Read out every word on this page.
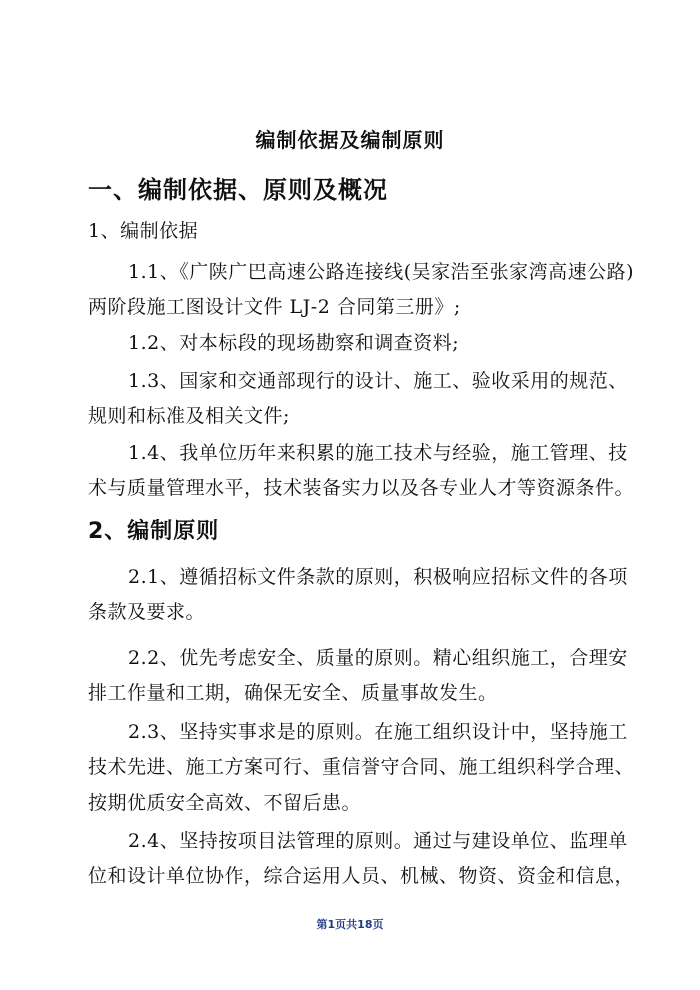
编制依据及编制原则
一、编制依据、原则及概况
1、编制依据
1.1、《广陕广巴高速公路连接线(吴家浩至张家湾高速公路)
两阶段施工图设计文件 LJ-2 合同第三册》;
1.2、对本标段的现场勘察和调查资料;
1.3、国家和交通部现行的设计、施工、验收采用的规范、
规则和标准及相关文件;
1.4、我单位历年来积累的施工技术与经验，施工管理、技
术与质量管理水平，技术装备实力以及各专业人才等资源条件。
2、编制原则
2.1、遵循招标文件条款的原则，积极响应招标文件的各项
条款及要求。
2.2、优先考虑安全、质量的原则。精心组织施工，合理安
排工作量和工期，确保无安全、质量事故发生。
2.3、坚持实事求是的原则。在施工组织设计中，坚持施工
技术先进、施工方案可行、重信誉守合同、施工组织科学合理、
按期优质安全高效、不留后患。
2.4、坚持按项目法管理的原则。通过与建设单位、监理单
位和设计单位协作，综合运用人员、机械、物资、资金和信息，
第1页共18页
